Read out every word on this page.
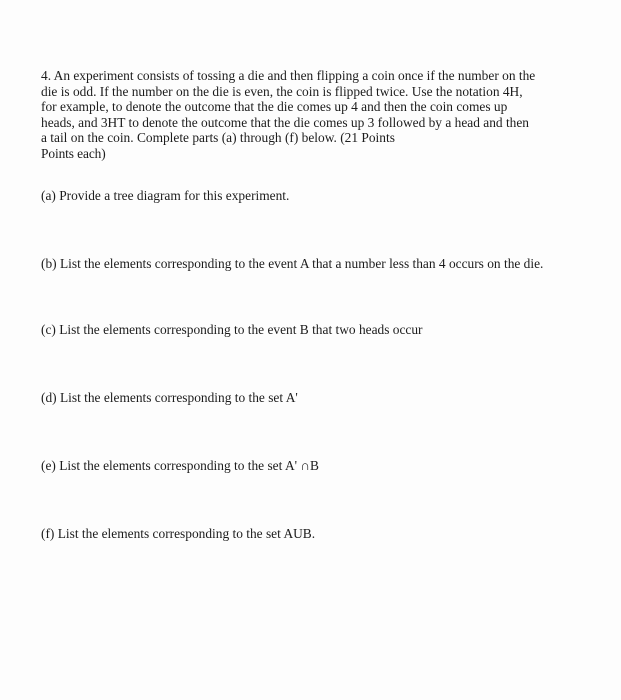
4. An experiment consists of tossing a die and then flipping a coin once if the number on the

die is odd. If the number on the die is even, the coin is flipped twice. Use the notation 4H,

for example, to denote the outcome that the die comes up 4 and then the coin comes up

heads, and 3HT to denote the outcome that the die comes up 3 followed by a head and then

a tail on the coin. Complete parts (a) through (f) below. (21 Points

Points each)

(a) Provide a tree diagram for this experiment.

(b) List the elements corresponding to the event A that a number less than 4 occurs on the die.

(c) List the elements corresponding to the event B that two heads occur

(d) List the elements corresponding to the set A'

(e) List the elements corresponding to the set A' ∩B

(f) List the elements corresponding to the set AUB.
